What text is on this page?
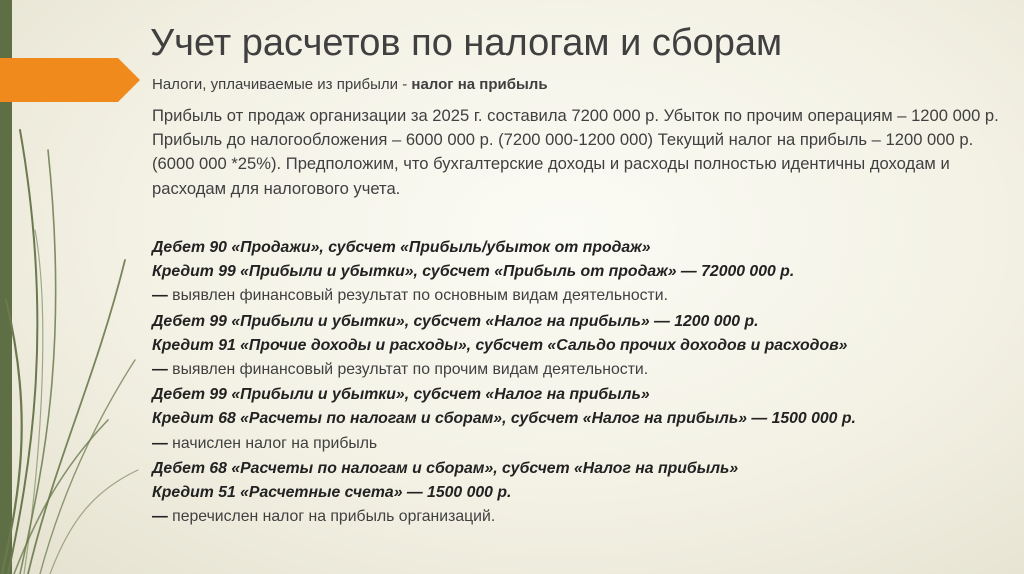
Учет расчетов по налогам и сборам
Налоги, уплачиваемые из прибыли - налог на прибыль
Прибыль от продаж организации за 2025 г. составила 7200 000 р. Убыток по прочим операциям – 1200 000 р. Прибыль до налогообложения – 6000 000 р. (7200 000-1200 000) Текущий налог на прибыль – 1200 000 р. (6000 000 *25%). Предположим, что бухгалтерские доходы и расходы полностью идентичны доходам и расходам для налогового учета.
Дебет 90 «Продажи», субсчет «Прибыль/убыток от продаж»
Кредит 99 «Прибыли и убытки», субсчет «Прибыль от продаж» — 72000 000 р.
— выявлен финансовый результат по основным видам деятельности.
Дебет 99 «Прибыли и убытки», субсчет «Налог на прибыль» — 1200 000 р.
Кредит 91 «Прочие доходы и расходы», субсчет «Сальдо прочих доходов и расходов»
— выявлен финансовый результат по прочим видам деятельности.
Дебет 99 «Прибыли и убытки», субсчет «Налог на прибыль»
Кредит 68 «Расчеты по налогам и сборам», субсчет «Налог на прибыль» — 1500 000 р.
— начислен налог на прибыль
Дебет 68 «Расчеты по налогам и сборам», субсчет «Налог на прибыль»
Кредит 51 «Расчетные счета» — 1500 000 р.
— перечислен налог на прибыль организаций.
